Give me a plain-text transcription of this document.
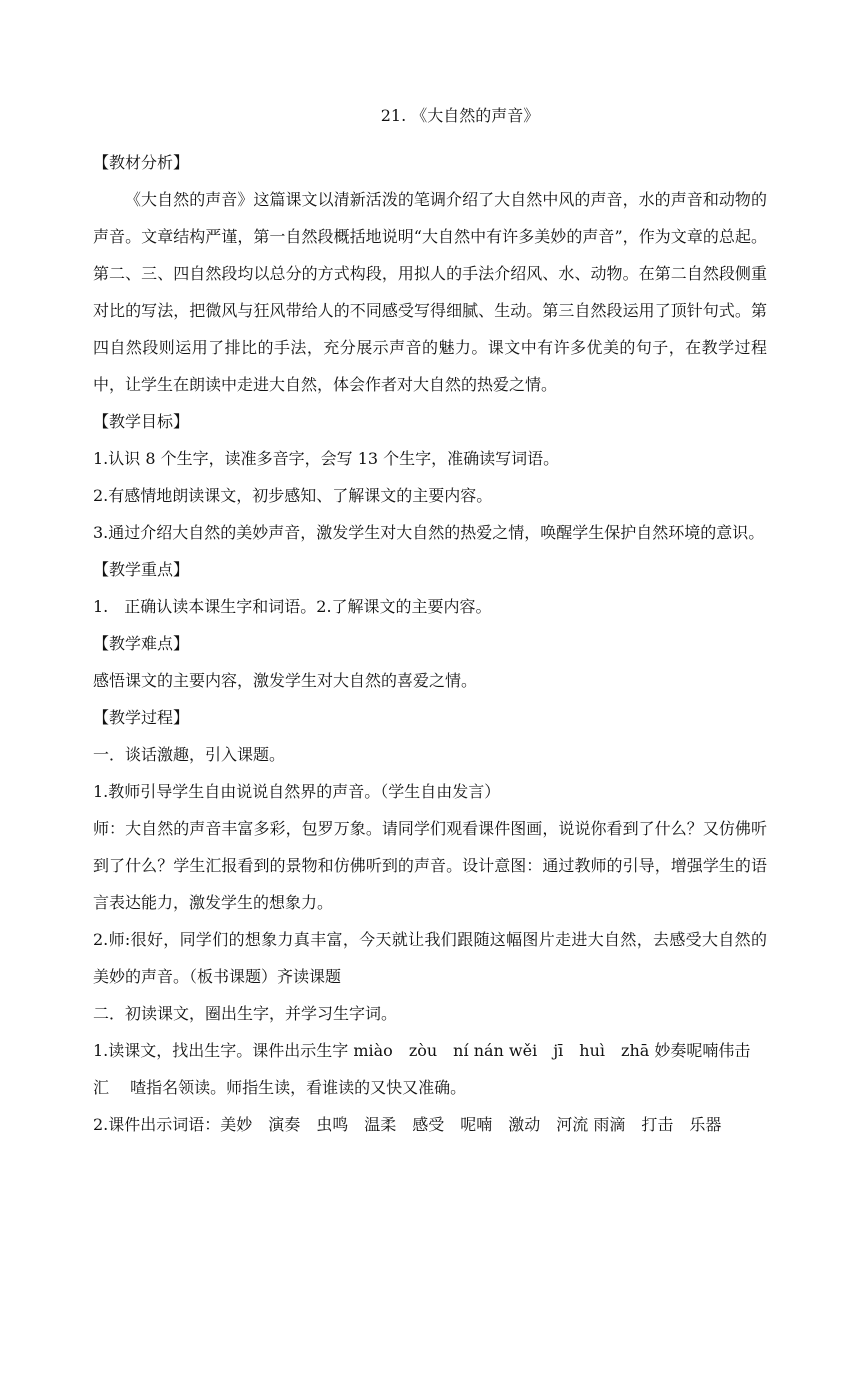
21. 《大自然的声音》

【教材分析】

《大自然的声音》这篇课文以清新活泼的笔调介绍了大自然中风的声音，水的声音和动物的声音。文章结构严谨，第一自然段概括地说明“大自然中有许多美妙的声音”，作为文章的总起。第二、三、四自然段均以总分的方式构段，用拟人的手法介绍风、水、动物。在第二自然段侧重对比的写法，把微风与狂风带给人的不同感受写得细腻、生动。第三自然段运用了顶针句式。第四自然段则运用了排比的手法，充分展示声音的魅力。课文中有许多优美的句子，在教学过程中，让学生在朗读中走进大自然，体会作者对大自然的热爱之情。

【教学目标】

1.认识 8 个生字，读准多音字，会写 13 个生字，准确读写词语。

2.有感情地朗读课文，初步感知、了解课文的主要内容。

3.通过介绍大自然的美妙声音，激发学生对大自然的热爱之情，唤醒学生保护自然环境的意识。

【教学重点】

1.　正确认读本课生字和词语。2.了解课文的主要内容。

【教学难点】

感悟课文的主要内容，激发学生对大自然的喜爱之情。

【教学过程】

一．谈话激趣，引入课题。

1.教师引导学生自由说说自然界的声音。（学生自由发言）

师：大自然的声音丰富多彩，包罗万象。请同学们观看课件图画，说说你看到了什么？又仿佛听到了什么？学生汇报看到的景物和仿佛听到的声音。设计意图：通过教师的引导，增强学生的语言表达能力，激发学生的想象力。

2.师:很好，同学们的想象力真丰富，今天就让我们跟随这幅图片走进大自然，去感受大自然的美妙的声音。（板书课题）齐读课题

二．初读课文，圈出生字，并学习生字词。

1.读课文，找出生字。课件出示生字 miào　zòu　ní nán wěi　jī　huì　zhā 妙奏呢喃伟击

汇　 喳指名领读。师指生读，看谁读的又快又准确。

2.课件出示词语：美妙　演奏　虫鸣　温柔　感受　呢喃　激动　河流 雨滴　打击　乐器
